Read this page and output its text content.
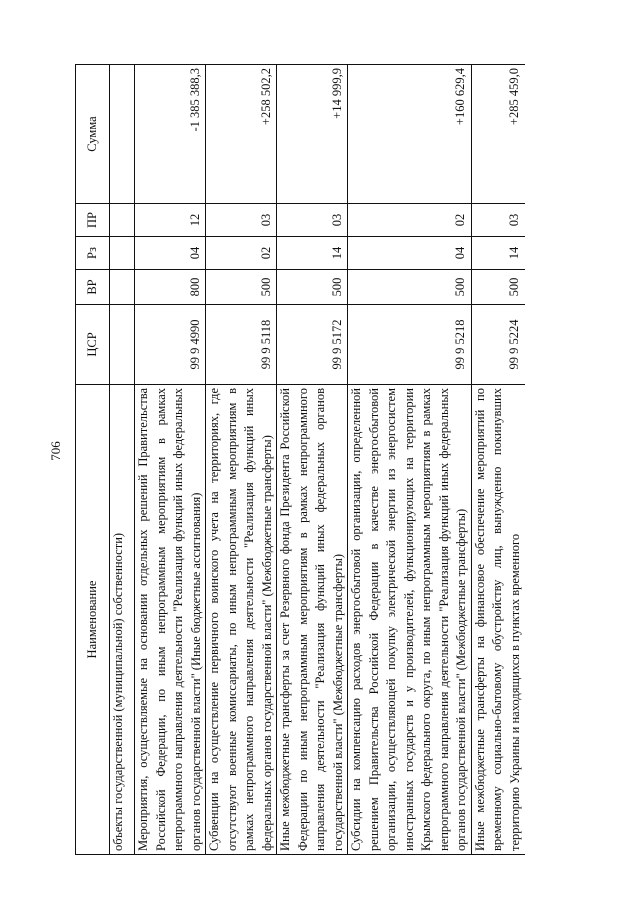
706
Наименование	ЦСР	ВР	Рз	ПР	Сумма
объекты государственной (муниципальной) собственности)					
Мероприятия, осуществляемые на основании отдельных решений Правительства Российской Федерации, по иным непрограммным мероприятиям в рамках непрограммного направления деятельности "Реализация функций иных федеральных органов государственной власти" (Иные бюджетные ассигнования)	99 9 4990	800	04	12	-1 385 388,3
Субвенции на осуществление первичного воинского учета на территориях, где отсутствуют военные комиссариаты, по иным непрограммным мероприятиям в рамках непрограммного направления деятельности "Реализация функций иных федеральных органов государственной власти" (Межбюджетные трансферты)	99 9 5118	500	02	03	+258 502,2
Иные межбюджетные трансферты за счет Резервного фонда Президента Российской Федерации по иным непрограммным мероприятиям в рамках непрограммного направления деятельности "Реализация функций иных федеральных органов государственной власти" (Межбюджетные трансферты)	99 9 5172	500	14	03	+14 999,9
Субсидии на компенсацию расходов энергосбытовой организации, определенной решением Правительства Российской Федерации в качестве энергосбытовой организации, осуществляющей покупку электрической энергии из энергосистем иностранных государств и у производителей, функционирующих на территории Крымского федерального округа, по иным непрограммным мероприятиям в рамках непрограммного направления деятельности "Реализация функций иных федеральных органов государственной власти" (Межбюджетные трансферты)	99 9 5218	500	04	02	+160 629,4
Иные межбюджетные трансферты на финансовое обеспечение мероприятий по временному социально-бытовому обустройству лиц, вынужденно покинувших территорию Украины и находящихся в пунктах временного	99 9 5224	500	14	03	+285 459,0
